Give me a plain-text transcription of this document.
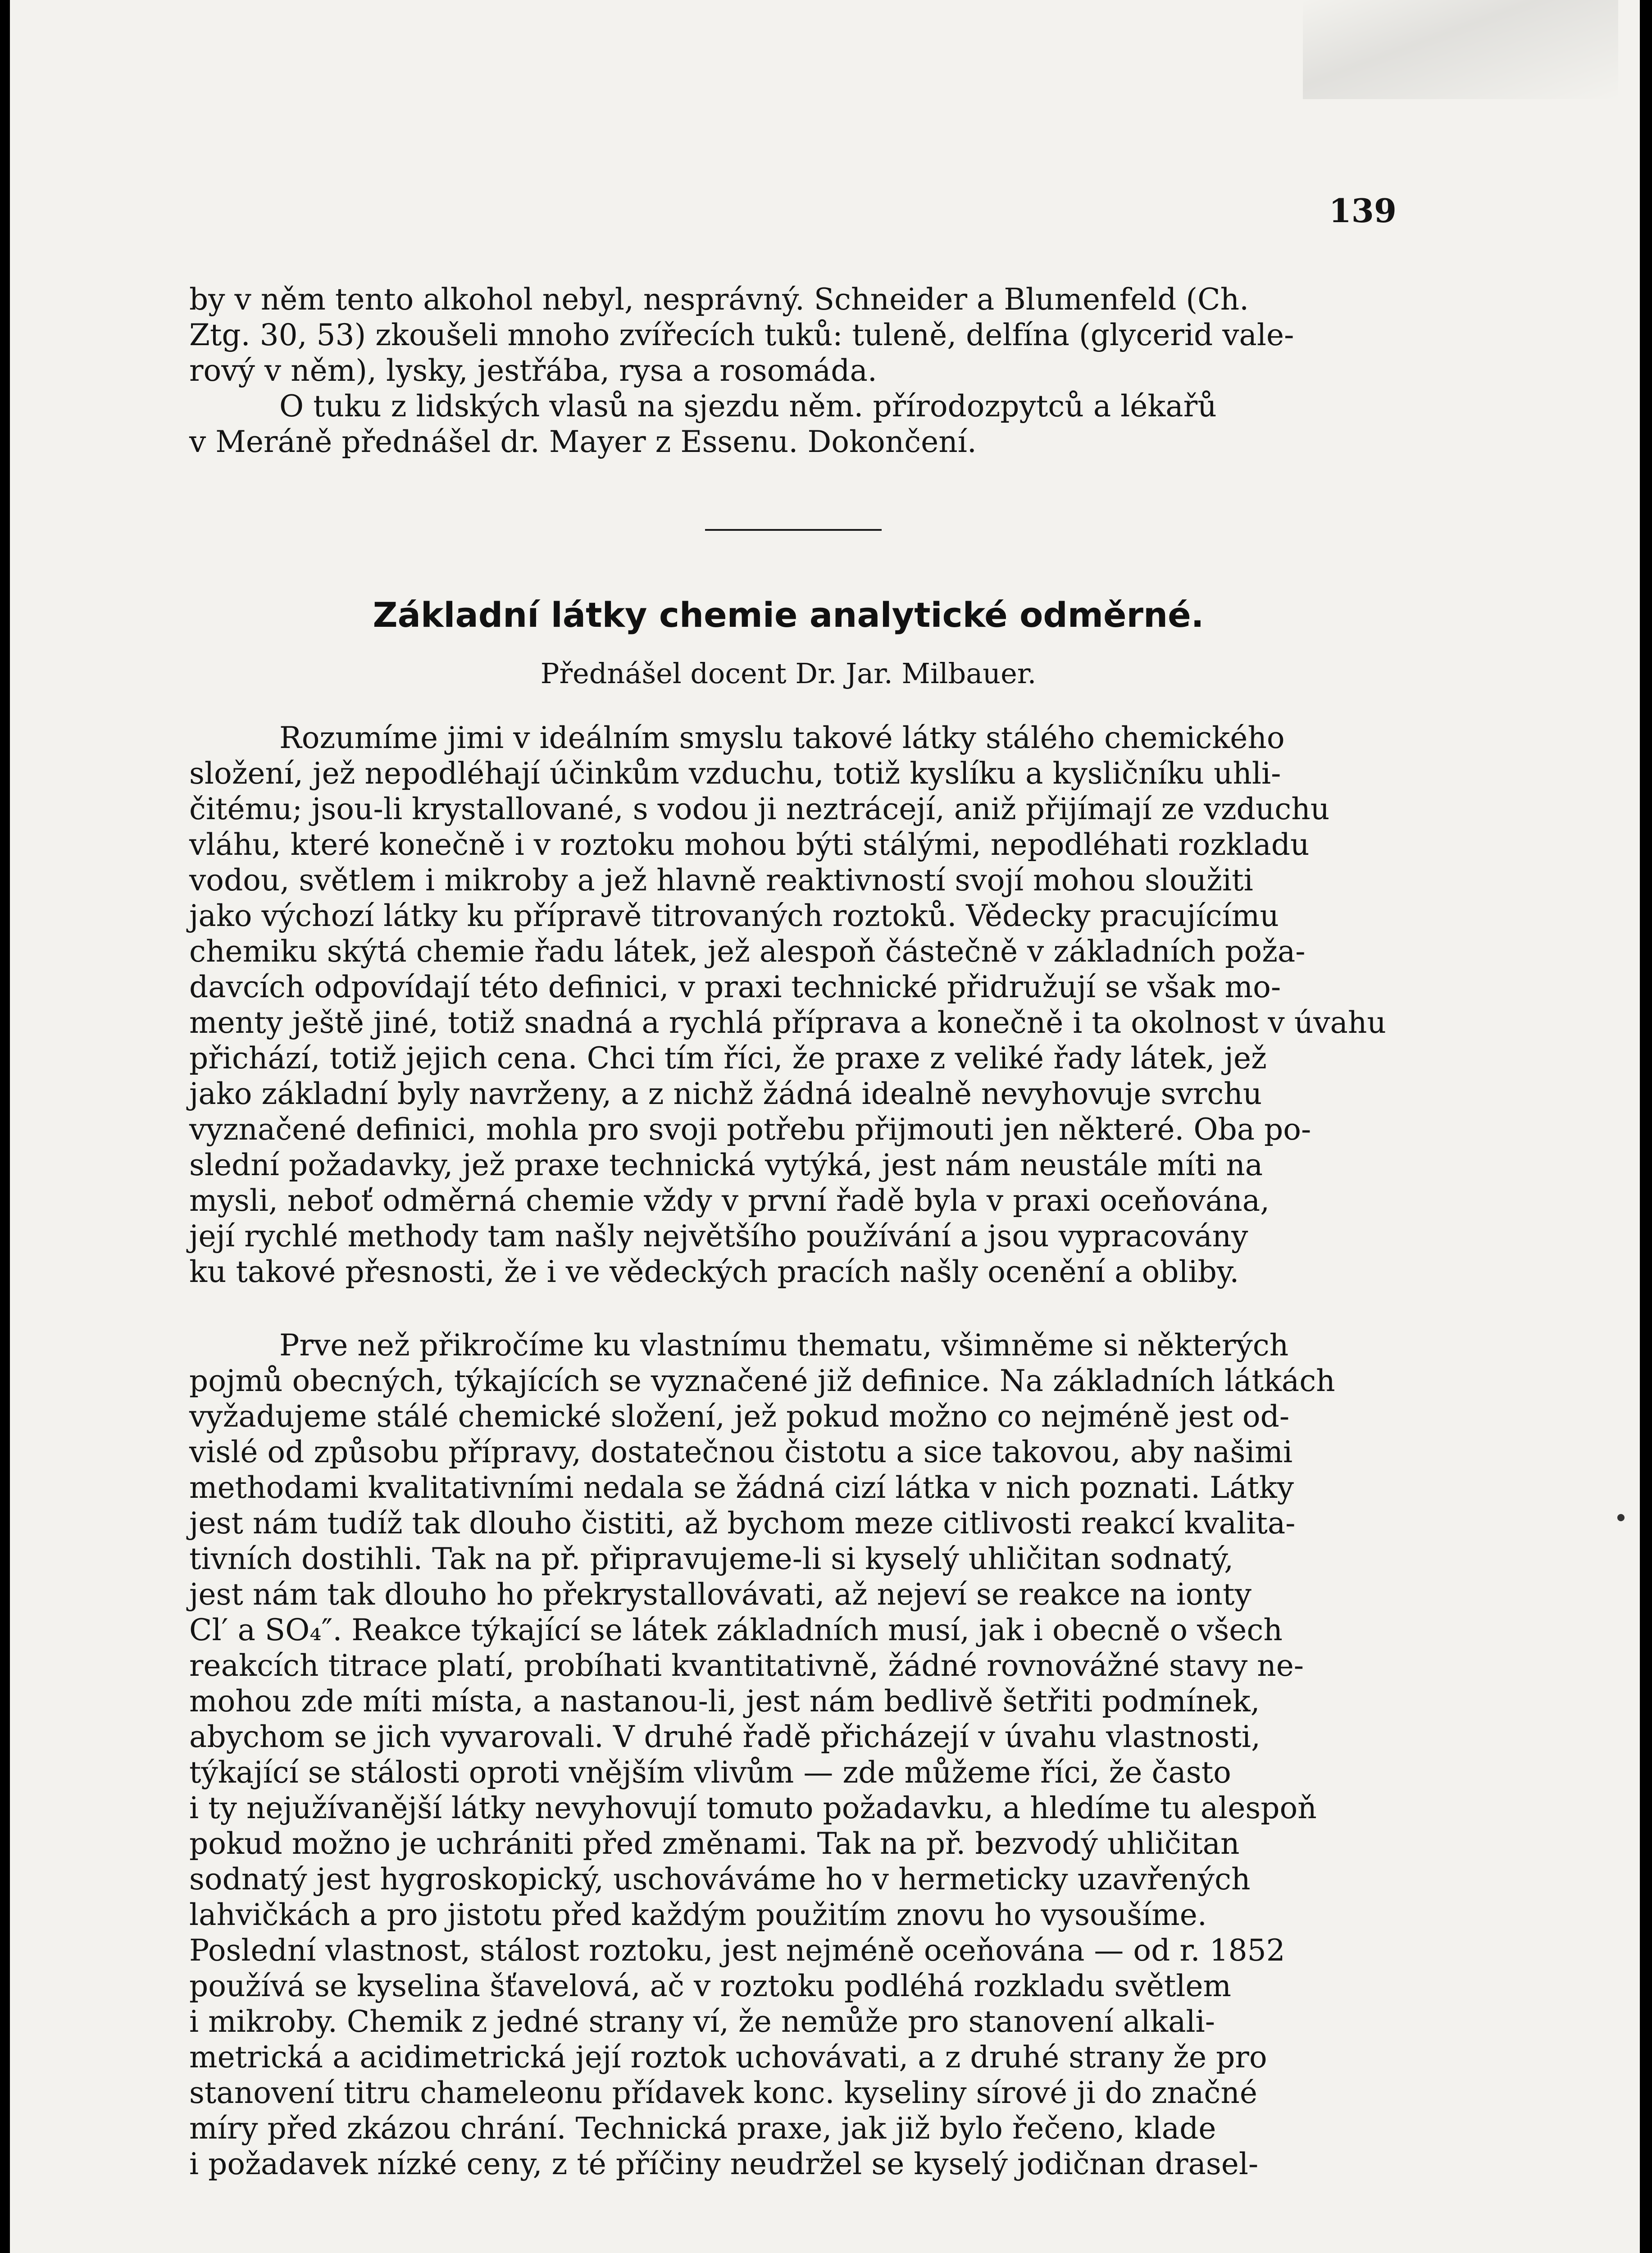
139
by v něm tento alkohol nebyl, nesprávný. Schneider a Blumenfeld (Ch.
Ztg. 30, 53) zkoušeli mnoho zvířecích tuků: tuleně, delfína (glycerid vale-
rový v něm), lysky, jestřába, rysa a rosomáda.
O tuku z lidských vlasů na sjezdu něm. přírodozpytců a lékařů
v Meráně přednášel dr. Mayer z Essenu. Dokončení.
Základní látky chemie analytické odměrné.

Přednášel docent Dr. Jar. Milbauer.

Rozumíme jimi v ideálním smyslu takové látky stálého chemického
složení, jež nepodléhají účinkům vzduchu, totiž kyslíku a kysličníku uhli-
čitému; jsou-li krystallované, s vodou ji neztrácejí, aniž přijímají ze vzduchu
vláhu, které konečně i v roztoku mohou býti stálými, nepodléhati rozkladu
vodou, světlem i mikroby a jež hlavně reaktivností svojí mohou sloužiti
jako výchozí látky ku přípravě titrovaných roztoků. Vědecky pracujícímu
chemiku skýtá chemie řadu látek, jež alespoň částečně v základních poža-
davcích odpovídají této definici, v praxi technické přidružují se však mo-
menty ještě jiné, totiž snadná a rychlá příprava a konečně i ta okolnost v úvahu
přichází, totiž jejich cena. Chci tím říci, že praxe z veliké řady látek, jež
jako základní byly navrženy, a z nichž žádná idealně nevyhovuje svrchu
vyznačené definici, mohla pro svoji potřebu přijmouti jen některé. Oba po-
slední požadavky, jež praxe technická vytýká, jest nám neustále míti na
mysli, neboť odměrná chemie vždy v první řadě byla v praxi oceňována,
její rychlé methody tam našly největšího používání a jsou vypracovány
ku takové přesnosti, že i ve vědeckých pracích našly ocenění a obliby.
Prve než přikročíme ku vlastnímu thematu, všimněme si některých
pojmů obecných, týkajících se vyznačené již definice. Na základních látkách
vyžadujeme stálé chemické složení, jež pokud možno co nejméně jest od-
vislé od způsobu přípravy, dostatečnou čistotu a sice takovou, aby našimi
methodami kvalitativními nedala se žádná cizí látka v nich poznati. Látky
jest nám tudíž tak dlouho čistiti, až bychom meze citlivosti reakcí kvalita-
tivních dostihli. Tak na př. připravujeme-li si kyselý uhličitan sodnatý,
jest nám tak dlouho ho překrystallovávati, až nejeví se reakce na ionty
Cl′ a SO₄″. Reakce týkající se látek základních musí, jak i obecně o všech
reakcích titrace platí, probíhati kvantitativně, žádné rovnovážné stavy ne-
mohou zde míti místa, a nastanou-li, jest nám bedlivě šetřiti podmínek,
abychom se jich vyvarovali. V druhé řadě přicházejí v úvahu vlastnosti,
týkající se stálosti oproti vnějším vlivům — zde můžeme říci, že často
i ty nejužívanější látky nevyhovují tomuto požadavku, a hledíme tu alespoň
pokud možno je uchrániti před změnami. Tak na př. bezvodý uhličitan
sodnatý jest hygroskopický, uschováváme ho v hermeticky uzavřených
lahvičkách a pro jistotu před každým použitím znovu ho vysoušíme.
Poslední vlastnost, stálost roztoku, jest nejméně oceňována — od r. 1852
používá se kyselina šťavelová, ač v roztoku podléhá rozkladu světlem
i mikroby. Chemik z jedné strany ví, že nemůže pro stanovení alkali-
metrická a acidimetrická její roztok uchovávati, a z druhé strany že pro
stanovení titru chameleonu přídavek konc. kyseliny sírové ji do značné
míry před zkázou chrání. Technická praxe, jak již bylo řečeno, klade
i požadavek nízké ceny, z té příčiny neudržel se kyselý jodičnan drasel-
